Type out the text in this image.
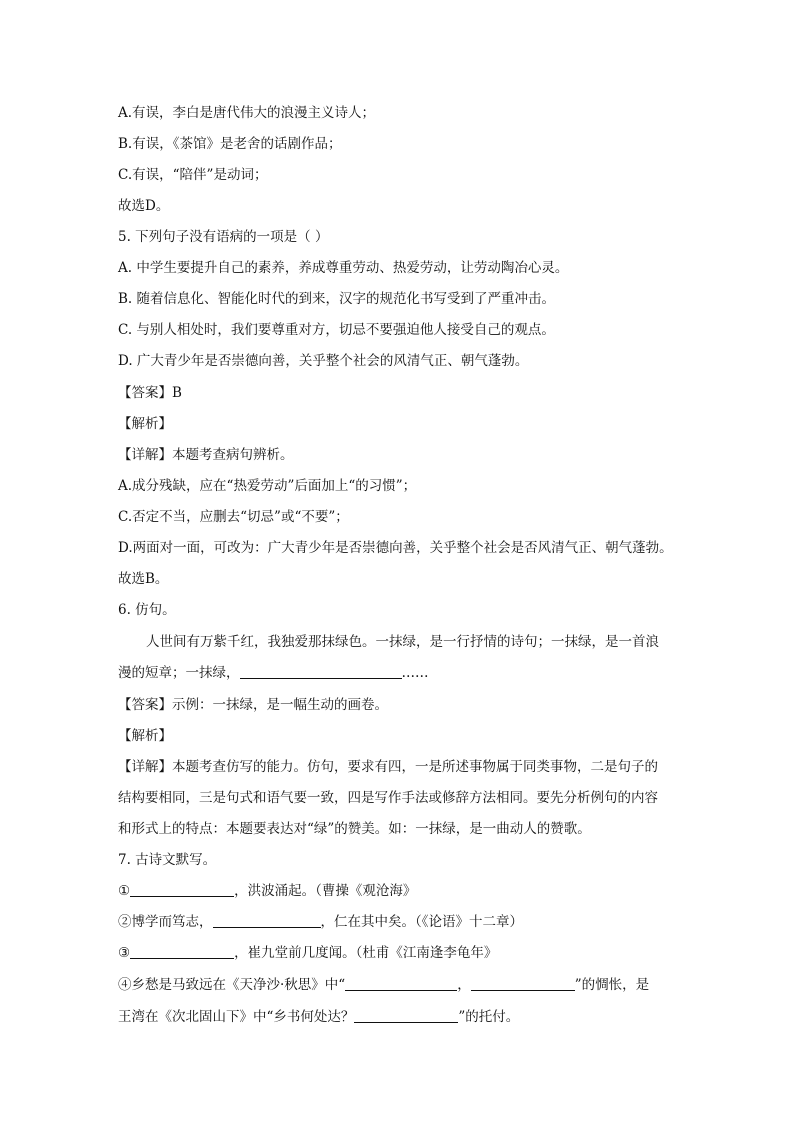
A.有误，李白是唐代伟大的浪漫主义诗人；
B.有误，《茶馆》是老舍的话剧作品；
C.有误，“陪伴”是动词；
故选D。
5. 下列句子没有语病的一项是（ ）
A. 中学生要提升自己的素养，养成尊重劳动、热爱劳动，让劳动陶冶心灵。
B. 随着信息化、智能化时代的到来，汉字的规范化书写受到了严重冲击。
C. 与别人相处时，我们要尊重对方，切忌不要强迫他人接受自己的观点。
D. 广大青少年是否崇德向善，关乎整个社会的风清气正、朝气蓬勃。
【答案】B
【解析】
【详解】本题考查病句辨析。
A.成分残缺，应在“热爱劳动”后面加上“的习惯”；
C.否定不当，应删去“切忌”或“不要”；
D.两面对一面，可改为：广大青少年是否崇德向善，关乎整个社会是否风清气正、朝气蓬勃。
故选B。
6. 仿句。
人世间有万紫千红，我独爱那抹绿色。一抹绿，是一行抒情的诗句；一抹绿，是一首浪
漫的短章；一抹绿，	……
【答案】示例：一抹绿，是一幅生动的画卷。
【解析】
【详解】本题考查仿写的能力。仿句，要求有四，一是所述事物属于同类事物，二是句子的
结构要相同，三是句式和语气要一致，四是写作手法或修辞方法相同。要先分析例句的内容
和形式上的特点：本题要表达对“绿”的赞美。如：一抹绿，是一曲动人的赞歌。
7. 古诗文默写。
①	，洪波涌起。（曹操《观沧海》
②博学而笃志，	，仁在其中矣。（《论语》十二章）
③	，崔九堂前几度闻。（杜甫《江南逢李龟年》
④乡愁是马致远在《天净沙·秋思》中“	，	”的惆怅，是
王湾在《次北固山下》中“乡书何处达？	”的托付。
